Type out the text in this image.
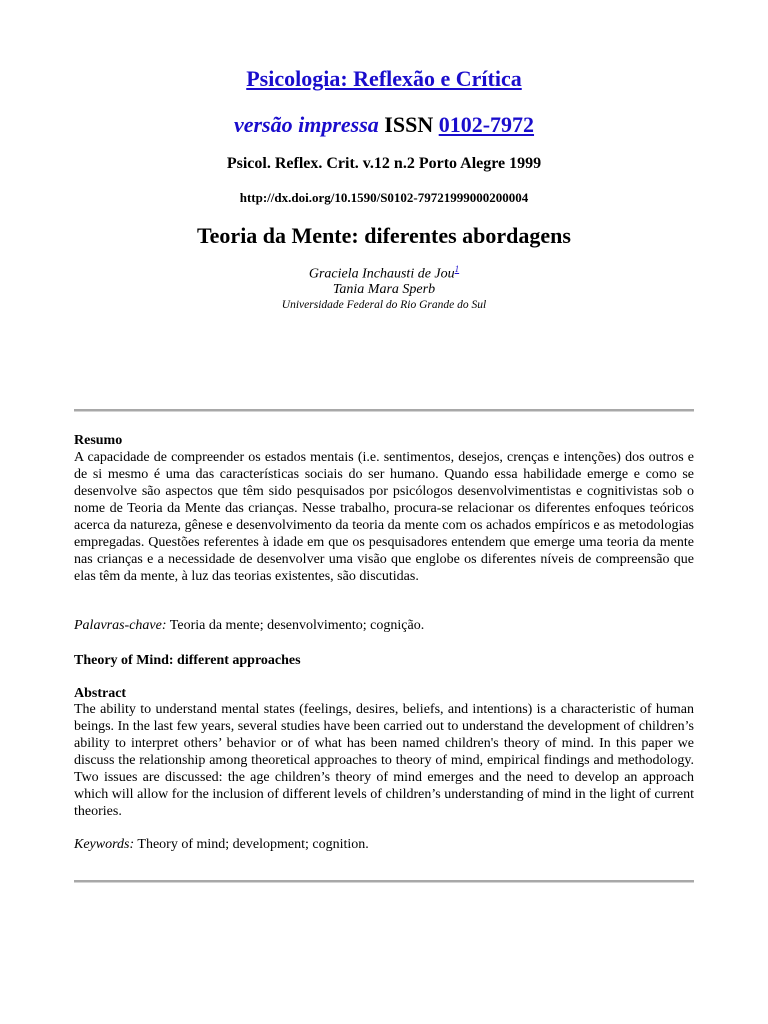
Psicologia: Reflexão e Crítica
versão impressa ISSN 0102-7972
Psicol. Reflex. Crit. v.12 n.2 Porto Alegre 1999
http://dx.doi.org/10.1590/S0102-79721999000200004
Teoria da Mente: diferentes abordagens
Graciela Inchausti de Jou$^1$
Tania Mara Sperb
Universidade Federal do Rio Grande do Sul
Resumo
A capacidade de compreender os estados mentais (i.e. sentimentos, desejos, crenças e intenções) dos outros e de si mesmo é uma das características sociais do ser humano. Quando essa habilidade emerge e como se desenvolve são aspectos que têm sido pesquisados por psicólogos desenvolvimentistas e cognitivistas sob o nome de Teoria da Mente das crianças. Nesse trabalho, procura-se relacionar os diferentes enfoques teóricos acerca da natureza, gênese e desenvolvimento da teoria da mente com os achados empíricos e as metodologias empregadas. Questões referentes à idade em que os pesquisadores entendem que emerge uma teoria da mente nas crianças e a necessidade de desenvolver uma visão que englobe os diferentes níveis de compreensão que elas têm da mente, à luz das teorias existentes, são discutidas.
Palavras-chave: Teoria da mente; desenvolvimento; cognição.
Theory of Mind: different approaches
Abstract
The ability to understand mental states (feelings, desires, beliefs, and intentions) is a characteristic of human beings. In the last few years, several studies have been carried out to understand the development of children’s ability to interpret others’ behavior or of what has been named children's theory of mind. In this paper we discuss the relationship among theoretical approaches to theory of mind, empirical findings and methodology. Two issues are discussed: the age children’s theory of mind emerges and the need to develop an approach which will allow for the inclusion of different levels of children’s understanding of mind in the light of current theories.
Keywords: Theory of mind; development; cognition.
